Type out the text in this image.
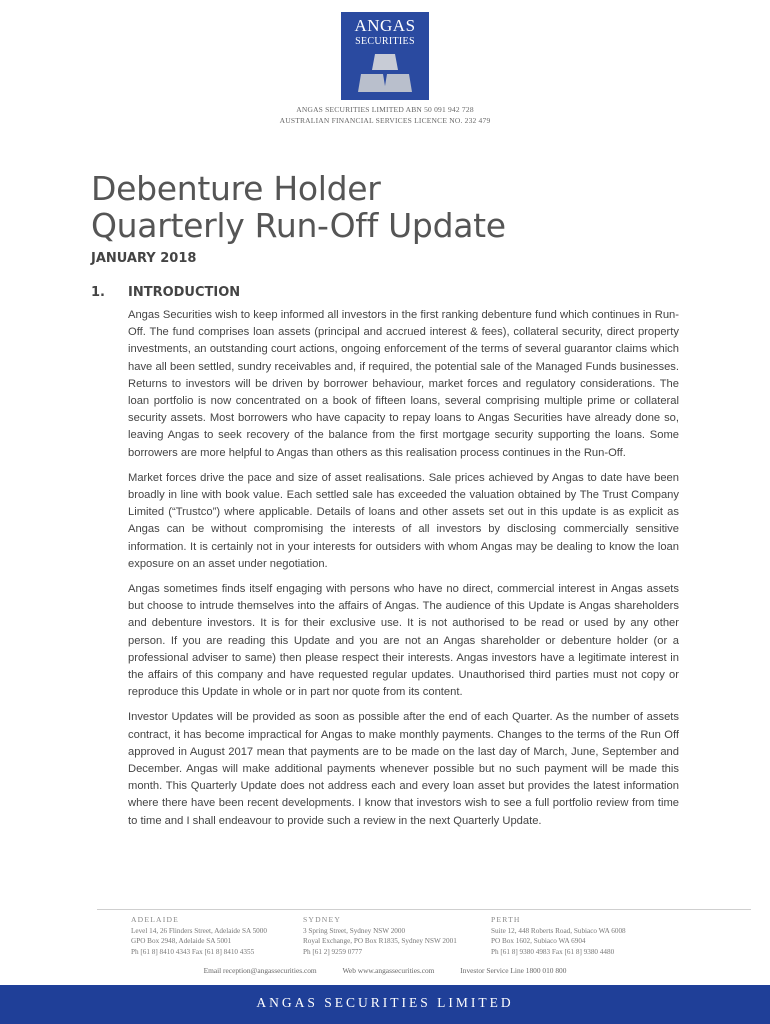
ANGAS
SECURITIES
ANGAS SECURITIES LIMITED ABN 50 091 942 728
AUSTRALIAN FINANCIAL SERVICES LICENCE NO. 232 479
Debenture Holder
Quarterly Run-Off Update
JANUARY 2018
1. INTRODUCTION

Angas Securities wish to keep informed all investors in the first ranking debenture fund which continues in Run-Off. The fund comprises loan assets (principal and accrued interest & fees), collateral security, direct property investments, an outstanding court actions, ongoing enforcement of the terms of several guarantor claims which have all been settled, sundry receivables and, if required, the potential sale of the Managed Funds businesses. Returns to investors will be driven by borrower behaviour, market forces and regulatory considerations. The loan portfolio is now concentrated on a book of fifteen loans, several comprising multiple prime or collateral security assets. Most borrowers who have capacity to repay loans to Angas Securities have already done so, leaving Angas to seek recovery of the balance from the first mortgage security supporting the loans. Some borrowers are more helpful to Angas than others as this realisation process continues in the Run-Off.

Market forces drive the pace and size of asset realisations. Sale prices achieved by Angas to date have been broadly in line with book value. Each settled sale has exceeded the valuation obtained by The Trust Company Limited (“Trustco”) where applicable. Details of loans and other assets set out in this update is as explicit as Angas can be without compromising the interests of all investors by disclosing commercially sensitive information. It is certainly not in your interests for outsiders with whom Angas may be dealing to know the loan exposure on an asset under negotiation.

Angas sometimes finds itself engaging with persons who have no direct, commercial interest in Angas assets but choose to intrude themselves into the affairs of Angas. The audience of this Update is Angas shareholders and debenture investors. It is for their exclusive use. It is not authorised to be read or used by any other person. If you are reading this Update and you are not an Angas shareholder or debenture holder (or a professional adviser to same) then please respect their interests. Angas investors have a legitimate interest in the affairs of this company and have requested regular updates. Unauthorised third parties must not copy or reproduce this Update in whole or in part nor quote from its content.

Investor Updates will be provided as soon as possible after the end of each Quarter. As the number of assets contract, it has become impractical for Angas to make monthly payments. Changes to the terms of the Run Off approved in August 2017 mean that payments are to be made on the last day of March, June, September and December. Angas will make additional payments whenever possible but no such payment will be made this month. This Quarterly Update does not address each and every loan asset but provides the latest information where there have been recent developments. I know that investors wish to see a full portfolio review from time to time and I shall endeavour to provide such a review in the next Quarterly Update.

ADELAIDE
Level 14, 26 Flinders Street, Adelaide SA 5000
GPO Box 2948, Adelaide SA 5001
Ph [61 8] 8410 4343 Fax [61 8] 8410 4355
SYDNEY
3 Spring Street, Sydney NSW 2000
Royal Exchange, PO Box R1835, Sydney NSW 2001
Ph [61 2] 9259 0777
PERTH
Suite 12, 448 Roberts Road, Subiaco WA 6008
PO Box 1602, Subiaco WA 6904
Ph [61 8] 9380 4983 Fax [61 8] 9380 4480
Email reception@angassecurities.com	Web www.angassecurities.com	Investor Service Line 1800 010 800
ANGAS SECURITIES LIMITED
